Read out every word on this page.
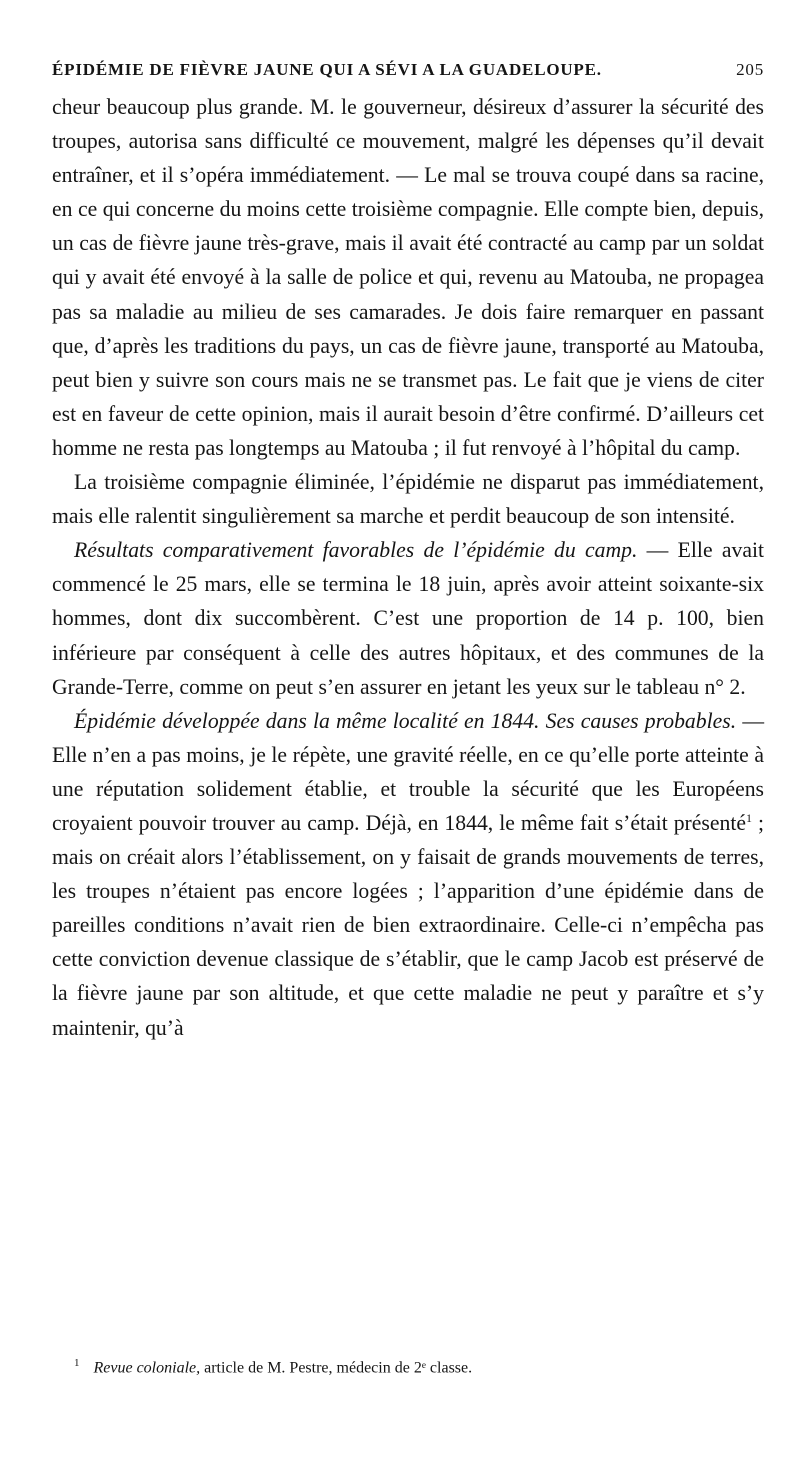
ÉPIDÉMIE DE FIÈVRE JAUNE QUI A SÉVI A LA GUADELOUPE.	205

cheur beaucoup plus grande. M. le gouverneur, désireux d’assurer la sécurité des troupes, autorisa sans difficulté ce mouvement, malgré les dépenses qu’il devait entraîner, et il s’opéra immédiatement. — Le mal se trouva coupé dans sa racine, en ce qui concerne du moins cette troisième compagnie. Elle compte bien, depuis, un cas de fièvre jaune très-grave, mais il avait été contracté au camp par un soldat qui y avait été envoyé à la salle de police et qui, revenu au Matouba, ne propagea pas sa maladie au milieu de ses camarades. Je dois faire remarquer en passant que, d’après les traditions du pays, un cas de fièvre jaune, transporté au Matouba, peut bien y suivre son cours mais ne se transmet pas. Le fait que je viens de citer est en faveur de cette opinion, mais il aurait besoin d’être confirmé. D’ailleurs cet homme ne resta pas longtemps au Matouba ; il fut renvoyé à l’hôpital du camp.

La troisième compagnie éliminée, l’épidémie ne disparut pas immédiatement, mais elle ralentit singulièrement sa marche et perdit beaucoup de son intensité.

Résultats comparativement favorables de l’épidémie du camp. — Elle avait commencé le 25 mars, elle se termina le 18 juin, après avoir atteint soixante-six hommes, dont dix succombèrent. C’est une proportion de 14 p. 100, bien inférieure par conséquent à celle des autres hôpitaux, et des communes de la Grande-Terre, comme on peut s’en assurer en jetant les yeux sur le tableau n° 2.

Épidémie développée dans la même localité en 1844. Ses causes probables. — Elle n’en a pas moins, je le répète, une gravité réelle, en ce qu’elle porte atteinte à une réputation solidement établie, et trouble la sécurité que les Européens croyaient pouvoir trouver au camp. Déjà, en 1844, le même fait s’était présenté$^1$ ; mais on créait alors l’établissement, on y faisait de grands mouvements de terres, les troupes n’étaient pas encore logées ; l’apparition d’une épidémie dans de pareilles conditions n’avait rien de bien extraordinaire. Celle-ci n’empêcha pas cette conviction devenue classique de s’établir, que le camp Jacob est préservé de la fièvre jaune par son altitude, et que cette maladie ne peut y paraître et s’y maintenir, qu’à

$^1$ Revue coloniale, article de M. Pestre, médecin de 2ᵉ classe.
